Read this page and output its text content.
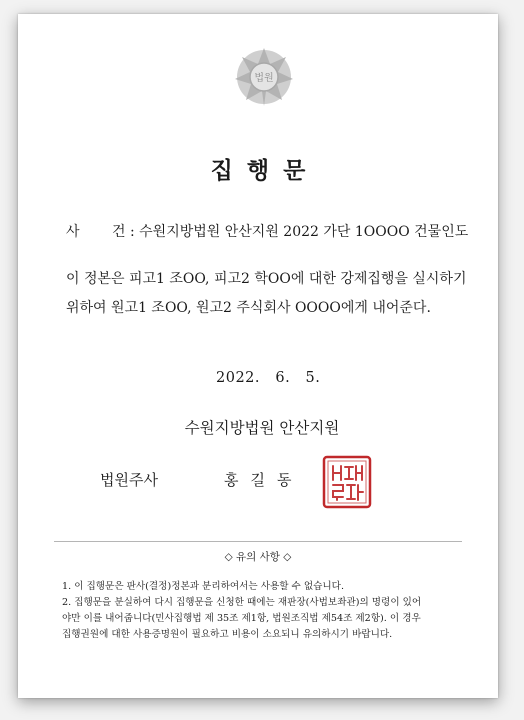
법원
집행문
사 건 : 수원지방법원 안산지원 2022 가단 1OOOO 건물인도
이 정본은 피고1 조OO, 피고2 학OO에 대한 강제집행을 실시하기
위하여 원고1 조OO, 원고2 주식회사 OOOO에게 내어준다.
2022.   6.   5.
수원지방법원 안산지원
법원주사	홍길동
◇ 유의 사항 ◇
1. 이 집행문은 판사(결정)정본과 분리하여서는 사용할 수 없습니다.
2. 집행문을 분실하여 다시 집행문을 신청한 때에는 재판장(사법보좌관)의 명령이 있어
야만 이를 내어줍니다(민사집행법 제 35조 제1항, 법원조직법 제54조 제2항). 이 경우
집행권원에 대한 사용증명원이 필요하고 비용이 소요되니 유의하시기 바랍니다.
